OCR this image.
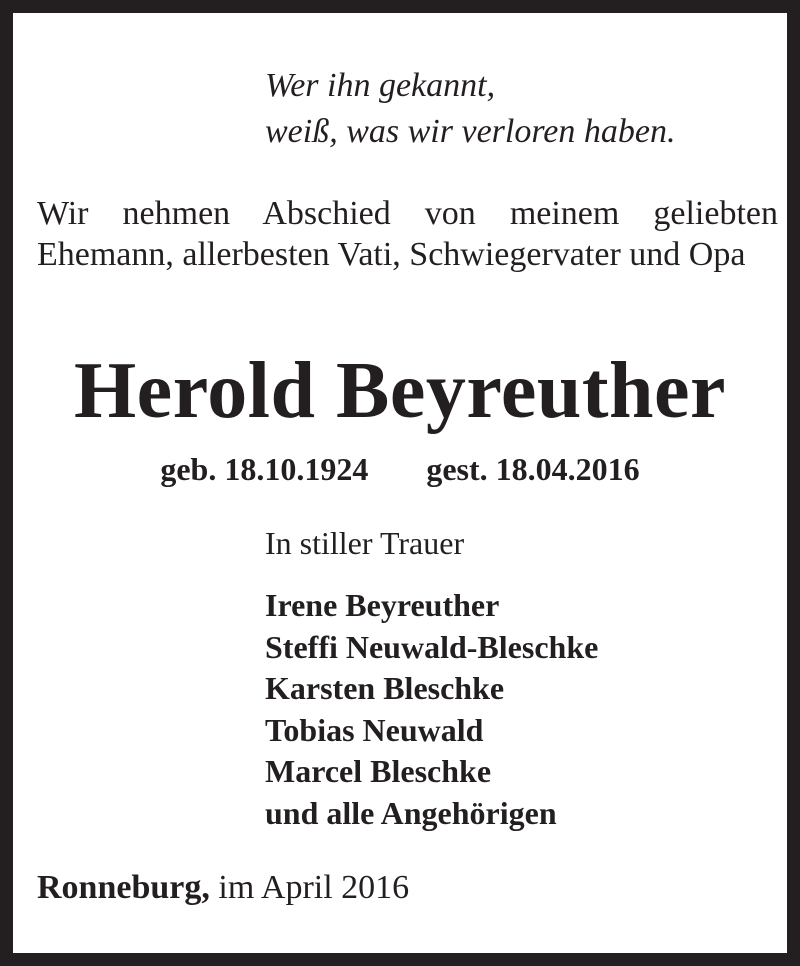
Wer ihn gekannt,
weiß, was wir verloren haben.

Wir nehmen Abschied von meinem geliebten Ehemann, allerbesten Vati, Schwiegervater und Opa

Herold Beyreuther

geb. 18.10.1924 gest. 18.04.2016

In stiller Trauer

Irene Beyreuther
Steffi Neuwald-Bleschke
Karsten Bleschke
Tobias Neuwald
Marcel Bleschke
und alle Angehörigen

Ronneburg, im April 2016
